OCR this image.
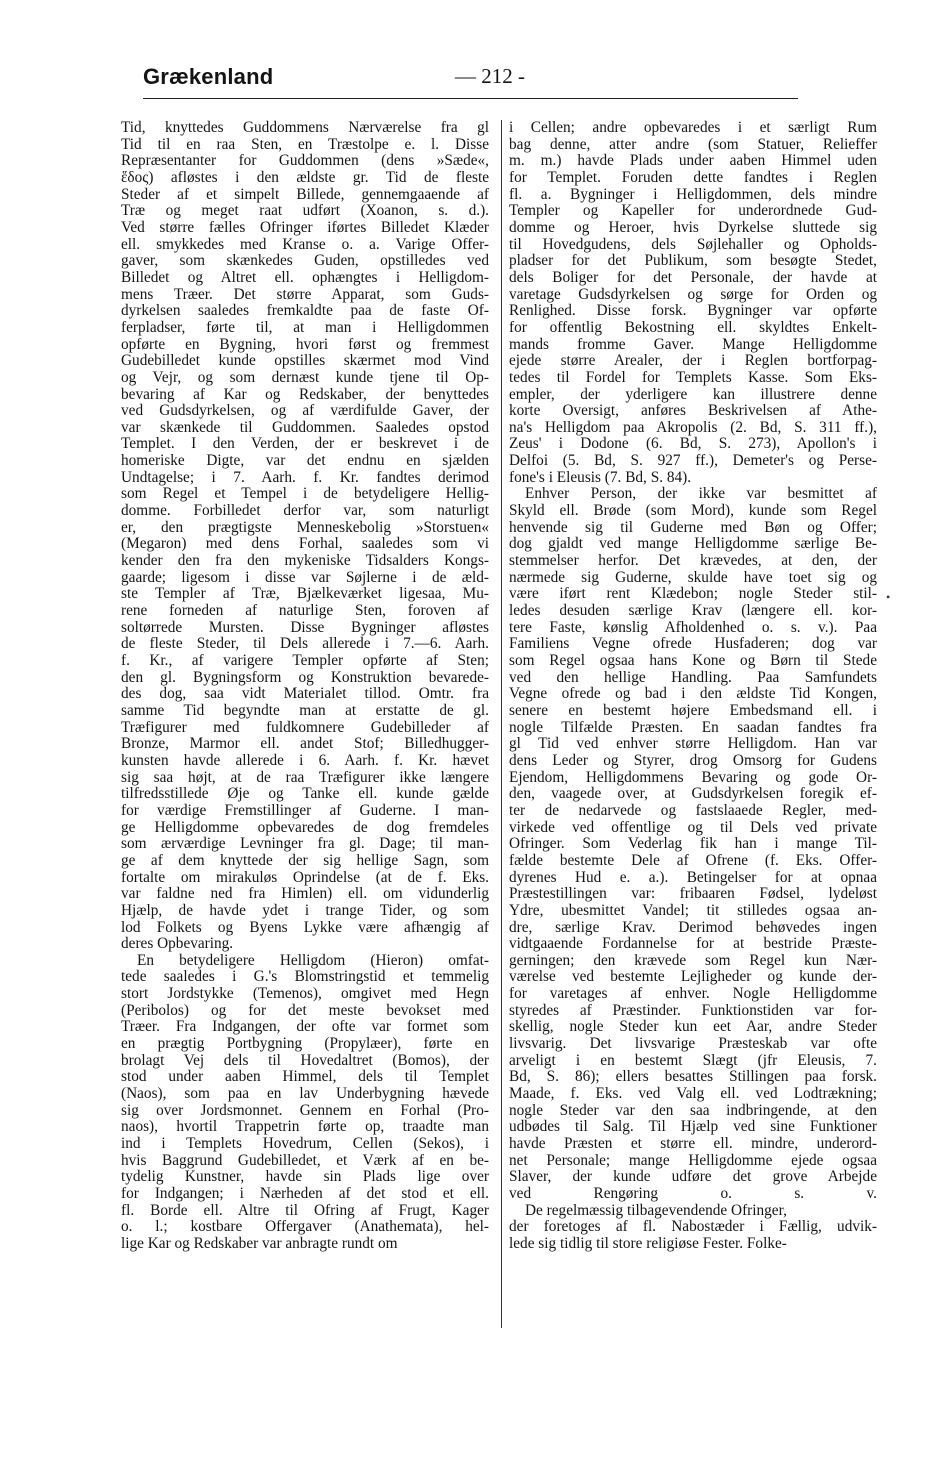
Grækenland	— 212 -
Tid, knyttedes Guddommens Nærværelse fra gl
Tid til en raa Sten, en Træstolpe e. l. Disse
Repræsentanter for Guddommen (dens »Sæde«,
ἕδος) afløstes i den ældste gr. Tid de fleste
Steder af et simpelt Billede, gennemgaaende af
Træ og meget raat udført (Xoanon, s. d.).
Ved større fælles Ofringer iførtes Billedet Klæder
ell. smykkedes med Kranse o. a. Varige Offer-
gaver, som skænkedes Guden, opstilledes ved
Billedet og Altret ell. ophængtes i Helligdom-
mens Træer. Det større Apparat, som Guds-
dyrkelsen saaledes fremkaldte paa de faste Of-
ferpladser, førte til, at man i Helligdommen
opførte en Bygning, hvori først og fremmest
Gudebilledet kunde opstilles skærmet mod Vind
og Vejr, og som dernæst kunde tjene til Op-
bevaring af Kar og Redskaber, der benyttedes
ved Gudsdyrkelsen, og af værdifulde Gaver, der
var skænkede til Guddommen. Saaledes opstod
Templet. I den Verden, der er beskrevet i de
homeriske Digte, var det endnu en sjælden
Undtagelse; i 7. Aarh. f. Kr. fandtes derimod
som Regel et Tempel i de betydeligere Hellig-
domme. Forbilledet derfor var, som naturligt
er, den prægtigste Menneskebolig »Storstuen«
(Megaron) med dens Forhal, saaledes som vi
kender den fra den mykeniske Tidsalders Kongs-
gaarde; ligesom i disse var Søjlerne i de æld-
ste Templer af Træ, Bjælkeværket ligesaa, Mu-
rene forneden af naturlige Sten, foroven af
soltørrede Mursten. Disse Bygninger afløstes
de fleste Steder, til Dels allerede i 7.—6. Aarh.
f. Kr., af varigere Templer opførte af Sten;
den gl. Bygningsform og Konstruktion bevarede-
des dog, saa vidt Materialet tillod. Omtr. fra
samme Tid begyndte man at erstatte de gl.
Træfigurer med fuldkomnere Gudebilleder af
Bronze, Marmor ell. andet Stof; Billedhugger-
kunsten havde allerede i 6. Aarh. f. Kr. hævet
sig saa højt, at de raa Træfigurer ikke længere
tilfredsstillede Øje og Tanke ell. kunde gælde
for værdige Fremstillinger af Guderne. I man-
ge Helligdomme opbevaredes de dog fremdeles
som ærværdige Levninger fra gl. Dage; til man-
ge af dem knyttede der sig hellige Sagn, som
fortalte om mirakuløs Oprindelse (at de f. Eks.
var faldne ned fra Himlen) ell. om vidunderlig
Hjælp, de havde ydet i trange Tider, og som
lod Folkets og Byens Lykke være afhængig af
deres Opbevaring.
En betydeligere Helligdom (Hieron) omfat-
tede saaledes i G.'s Blomstringstid et temmelig
stort Jordstykke (Temenos), omgivet med Hegn
(Peribolos) og for det meste bevokset med
Træer. Fra Indgangen, der ofte var formet som
en prægtig Portbygning (Propylæer), førte en
brolagt Vej dels til Hovedaltret (Bomos), der
stod under aaben Himmel, dels til Templet
(Naos), som paa en lav Underbygning hævede
sig over Jordsmonnet. Gennem en Forhal (Pro-
naos), hvortil Trappetrin førte op, traadte man
ind i Templets Hovedrum, Cellen (Sekos), i
hvis Baggrund Gudebilledet, et Værk af en be-
tydelig Kunstner, havde sin Plads lige over
for Indgangen; i Nærheden af det stod et ell.
fl. Borde ell. Altre til Ofring af Frugt, Kager
o. l.; kostbare Offergaver (Anathemata), hel-
lige Kar og Redskaber var anbragte rundt om
i Cellen; andre opbevaredes i et særligt Rum
bag denne, atter andre (som Statuer, Relieffer
m. m.) havde Plads under aaben Himmel uden
for Templet. Foruden dette fandtes i Reglen
fl. a. Bygninger i Helligdommen, dels mindre
Templer og Kapeller for underordnede Gud-
domme og Heroer, hvis Dyrkelse sluttede sig
til Hovedgudens, dels Søjlehaller og Opholds-
pladser for det Publikum, som besøgte Stedet,
dels Boliger for det Personale, der havde at
varetage Gudsdyrkelsen og sørge for Orden og
Renlighed. Disse forsk. Bygninger var opførte
for offentlig Bekostning ell. skyldtes Enkelt-
mands fromme Gaver. Mange Helligdomme
ejede større Arealer, der i Reglen bortforpag-
tedes til Fordel for Templets Kasse. Som Eks-
empler, der yderligere kan illustrere denne
korte Oversigt, anføres Beskrivelsen af Athe-
na's Helligdom paa Akropolis (2. Bd, S. 311 ff.),
Zeus' i Dodone (6. Bd, S. 273), Apollon's i
Delfoi (5. Bd, S. 927 ff.), Demeter's og Perse-
fone's i Eleusis (7. Bd, S. 84).
Enhver Person, der ikke var besmittet af
Skyld ell. Brøde (som Mord), kunde som Regel
henvende sig til Guderne med Bøn og Offer;
dog gjaldt ved mange Helligdomme særlige Be-
stemmelser herfor. Det krævedes, at den, der
nærmede sig Guderne, skulde have toet sig og
være iført rent Klædebon; nogle Steder stil-
ledes desuden særlige Krav (længere ell. kor-
tere Faste, kønslig Afholdenhed o. s. v.). Paa
Familiens Vegne ofrede Husfaderen; dog var
som Regel ogsaa hans Kone og Børn til Stede
ved den hellige Handling. Paa Samfundets
Vegne ofrede og bad i den ældste Tid Kongen,
senere en bestemt højere Embedsmand ell. i
nogle Tilfælde Præsten. En saadan fandtes fra
gl Tid ved enhver større Helligdom. Han var
dens Leder og Styrer, drog Omsorg for Gudens
Ejendom, Helligdommens Bevaring og gode Or-
den, vaagede over, at Gudsdyrkelsen foregik ef-
ter de nedarvede og fastslaaede Regler, med-
virkede ved offentlige og til Dels ved private
Ofringer. Som Vederlag fik han i mange Til-
fælde bestemte Dele af Ofrene (f. Eks. Offer-
dyrenes Hud e. a.). Betingelser for at opnaa
Præstestillingen var: fribaaren Fødsel, lydeløst
Ydre, ubesmittet Vandel; tit stilledes ogsaa an-
dre, særlige Krav. Derimod behøvedes ingen
vidtgaaende Fordannelse for at bestride Præste-
gerningen; den krævede som Regel kun Nær-
værelse ved bestemte Lejligheder og kunde der-
for varetages af enhver. Nogle Helligdomme
styredes af Præstinder. Funktionstiden var for-
skellig, nogle Steder kun eet Aar, andre Steder
livsvarig. Det livsvarige Præsteskab var ofte
arveligt i en bestemt Slægt (jfr Eleusis, 7.
Bd, S. 86); ellers besattes Stillingen paa forsk.
Maade, f. Eks. ved Valg ell. ved Lodtrækning;
nogle Steder var den saa indbringende, at den
udbødes til Salg. Til Hjælp ved sine Funktioner
havde Præsten et større ell. mindre, underord-
net Personale; mange Helligdomme ejede ogsaa
Slaver, der kunde udføre det grove Arbejde
ved Rengøring o. s. v.
De regelmæssig tilbagevendende Ofringer,
der foretoges af fl. Nabostæder i Fællig, udvik-
lede sig tidlig til store religiøse Fester. Folke-
•
